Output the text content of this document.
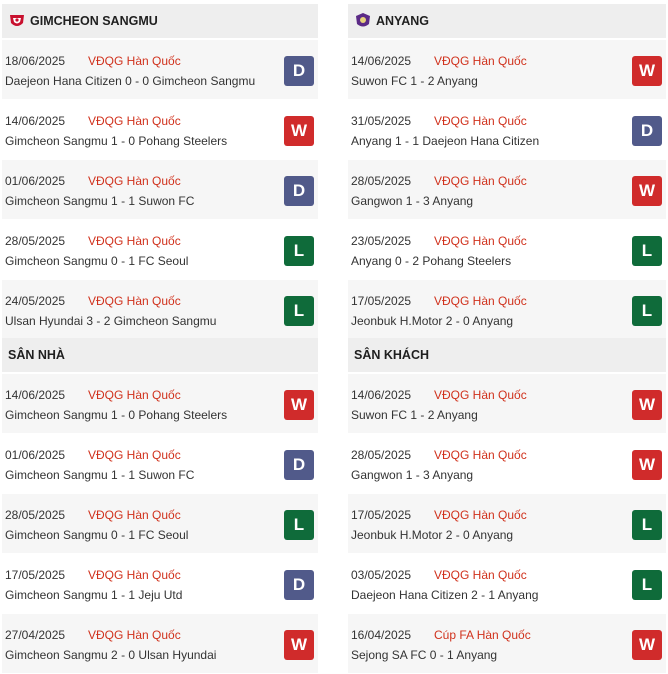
GIMCHEON SANGMU
18/06/2025 VĐQG Hàn Quốc
Daejeon Hana Citizen 0 - 0 Gimcheon Sangmu
D
14/06/2025 VĐQG Hàn Quốc
Gimcheon Sangmu 1 - 0 Pohang Steelers
W
01/06/2025 VĐQG Hàn Quốc
Gimcheon Sangmu 1 - 1 Suwon FC
D
28/05/2025 VĐQG Hàn Quốc
Gimcheon Sangmu 0 - 1 FC Seoul
L
24/05/2025 VĐQG Hàn Quốc
Ulsan Hyundai 3 - 2 Gimcheon Sangmu
L
SÂN NHÀ
14/06/2025 VĐQG Hàn Quốc
Gimcheon Sangmu 1 - 0 Pohang Steelers
W
01/06/2025 VĐQG Hàn Quốc
Gimcheon Sangmu 1 - 1 Suwon FC
D
28/05/2025 VĐQG Hàn Quốc
Gimcheon Sangmu 0 - 1 FC Seoul
L
17/05/2025 VĐQG Hàn Quốc
Gimcheon Sangmu 1 - 1 Jeju Utd
D
27/04/2025 VĐQG Hàn Quốc
Gimcheon Sangmu 2 - 0 Ulsan Hyundai
W
ANYANG
14/06/2025 VĐQG Hàn Quốc
Suwon FC 1 - 2 Anyang
W
31/05/2025 VĐQG Hàn Quốc
Anyang 1 - 1 Daejeon Hana Citizen
D
28/05/2025 VĐQG Hàn Quốc
Gangwon 1 - 3 Anyang
W
23/05/2025 VĐQG Hàn Quốc
Anyang 0 - 2 Pohang Steelers
L
17/05/2025 VĐQG Hàn Quốc
Jeonbuk H.Motor 2 - 0 Anyang
L
SÂN KHÁCH
14/06/2025 VĐQG Hàn Quốc
Suwon FC 1 - 2 Anyang
W
28/05/2025 VĐQG Hàn Quốc
Gangwon 1 - 3 Anyang
W
17/05/2025 VĐQG Hàn Quốc
Jeonbuk H.Motor 2 - 0 Anyang
L
03/05/2025 VĐQG Hàn Quốc
Daejeon Hana Citizen 2 - 1 Anyang
L
16/04/2025 Cúp FA Hàn Quốc
Sejong SA FC 0 - 1 Anyang
W
